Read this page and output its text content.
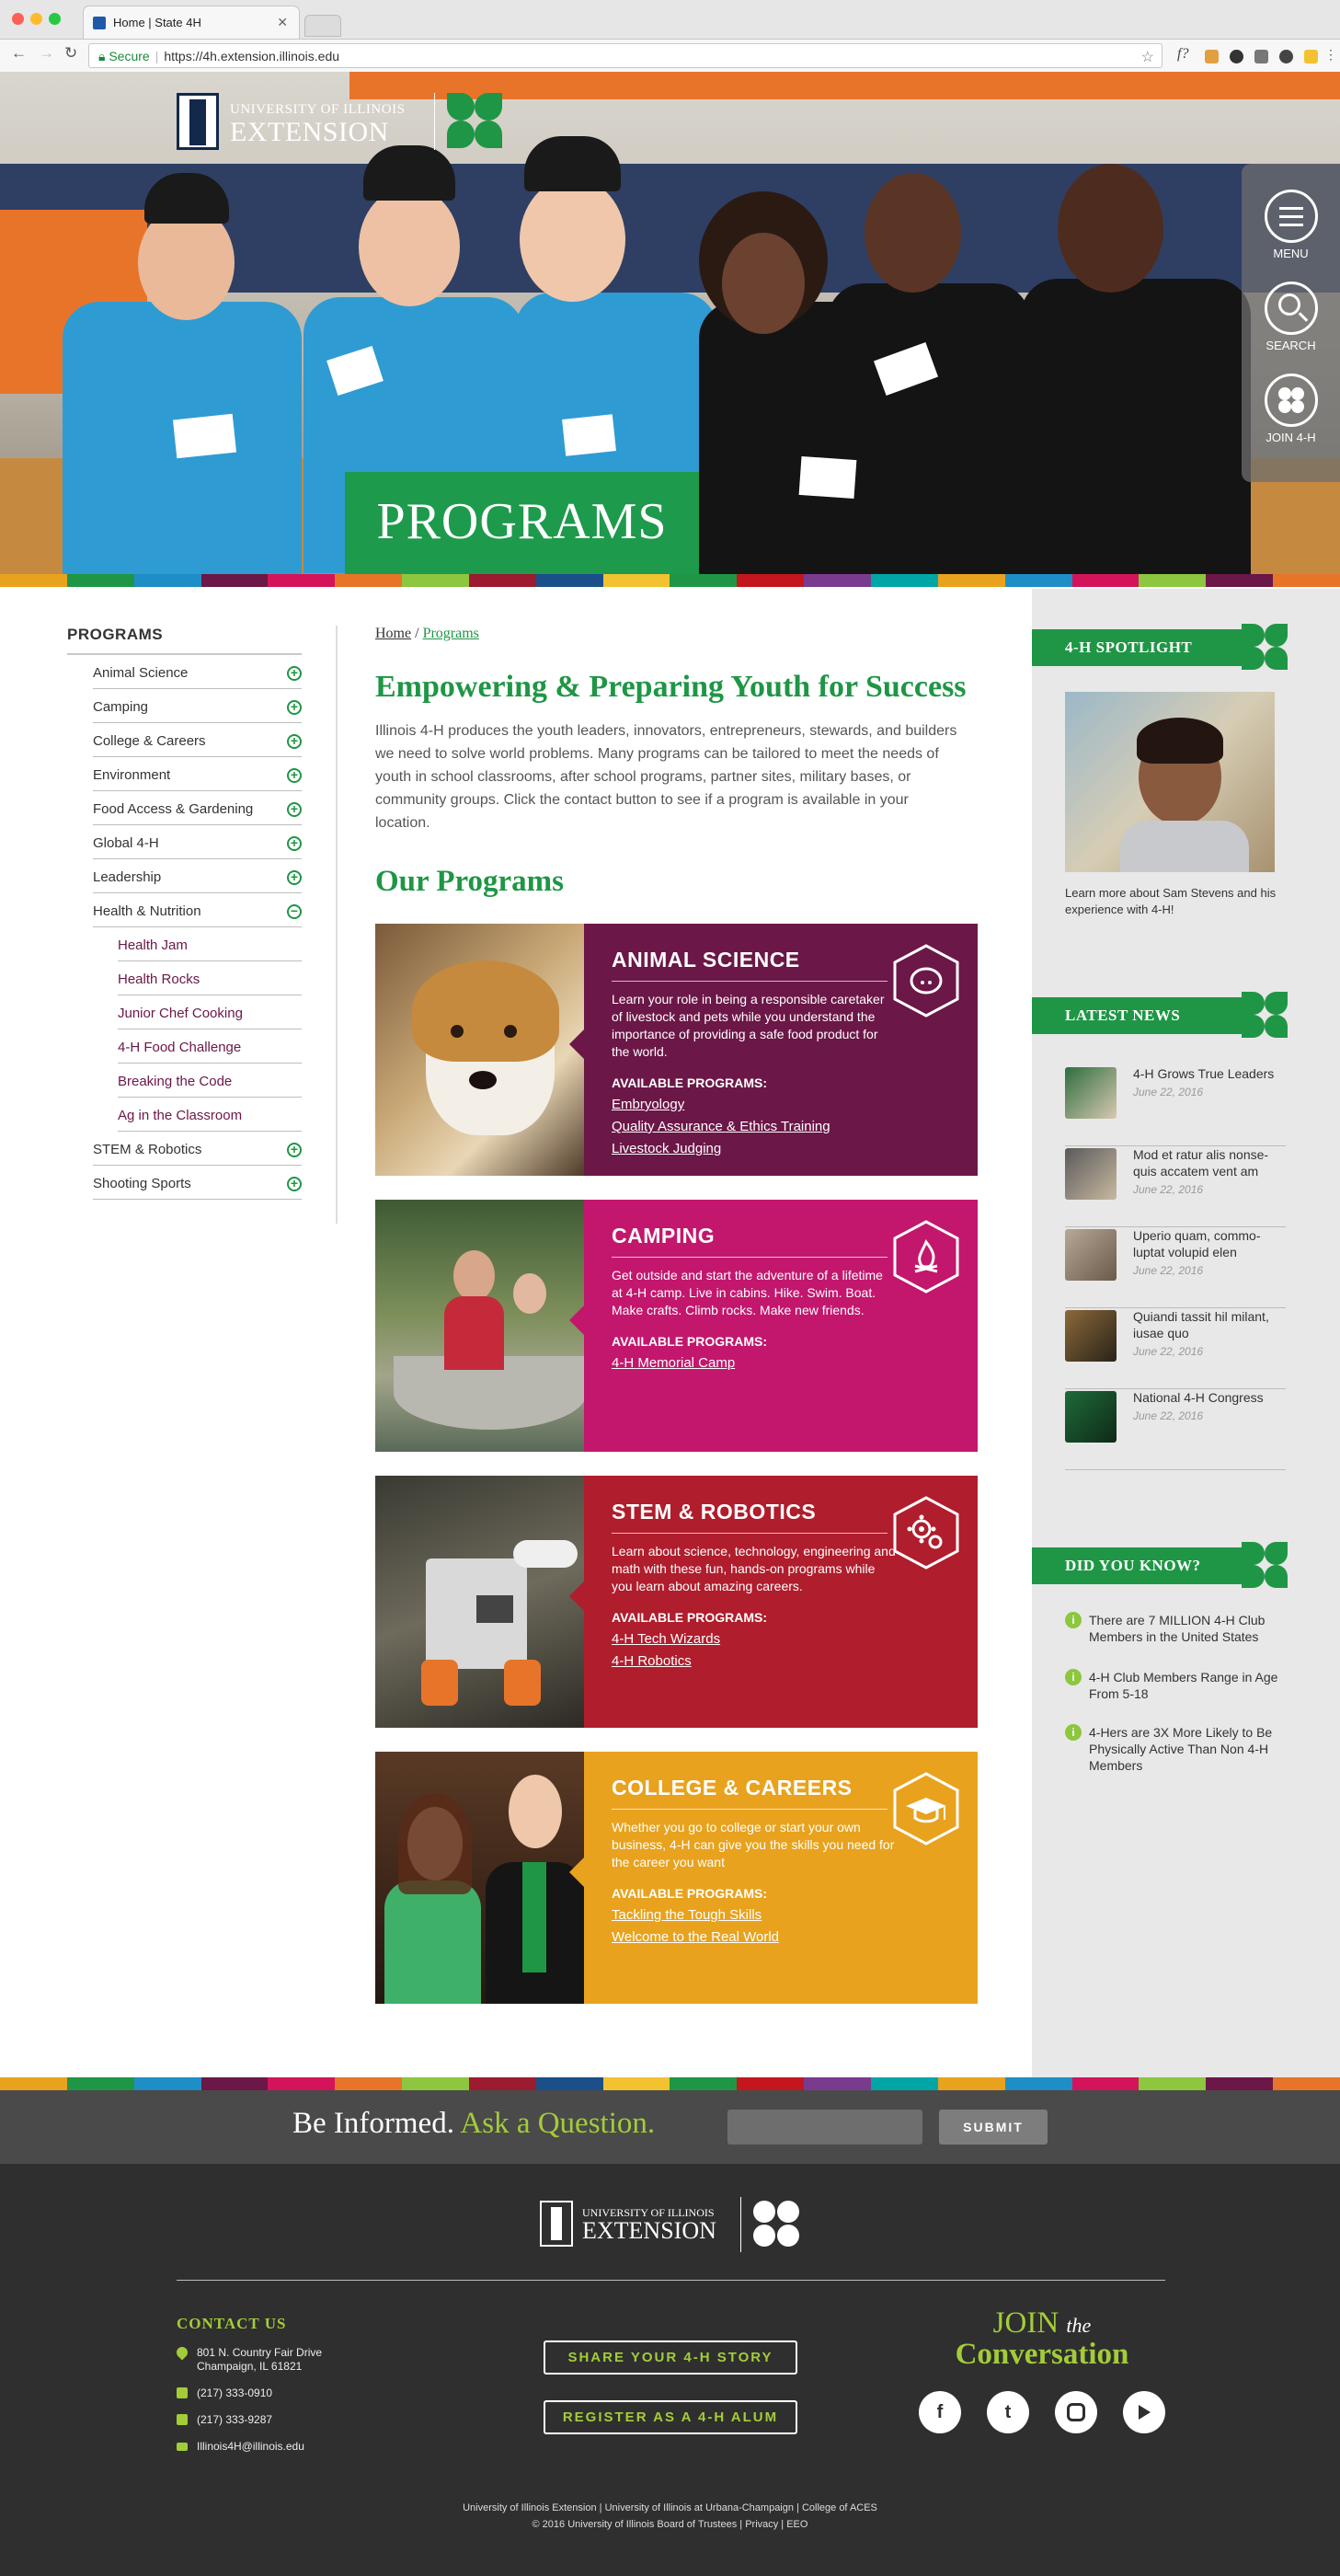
Home | State 4H	✕
← → ↻	🔒︎ Secure | https://4h.extension.illinois.edu	☆ f?	⋮
UNIVERSITY OF ILLINOIS
EXTENSION
MENU
SEARCH
JOIN 4-H
PROGRAMS
PROGRAMS
Animal Science	+
Camping	+
College & Careers	+
Environment	+
Food Access & Gardening	+
Global 4-H	+
Leadership	+
Health & Nutrition	−
Health Jam
Health Rocks
Junior Chef Cooking
4-H Food Challenge
Breaking the Code
Ag in the Classroom
STEM & Robotics	+
Shooting Sports	+
Home / Programs
Empowering & Preparing Youth for Success
Illinois 4-H produces the youth leaders, innovators, entrepreneurs, stewards, and builders we need to solve world problems. Many programs can be tailored to meet the needs of youth in school classrooms, after school programs, partner sites, military bases, or community groups. Click the contact button to see if a program is available in your location.
Our Programs
ANIMAL SCIENCE
Learn your role in being a responsible caretaker of livestock and pets while you understand the importance of providing a safe food product for the world.
AVAILABLE PROGRAMS:
Embryology
Quality Assurance & Ethics Training
Livestock Judging
CAMPING
Get outside and start the adventure of a lifetime at 4-H camp. Live in cabins. Hike. Swim. Boat. Make crafts. Climb rocks. Make new friends.
AVAILABLE PROGRAMS:
4-H Memorial Camp
STEM & ROBOTICS
Learn about science, technology, engineering and math with these fun, hands-on programs while you learn about amazing careers.
AVAILABLE PROGRAMS:
4-H Tech Wizards
4-H Robotics
COLLEGE & CAREERS
Whether you go to college or start your own business, 4-H can give you the skills you need for the career you want
AVAILABLE PROGRAMS:
Tackling the Tough Skills
Welcome to the Real World
4-H SPOTLIGHT
Learn more about Sam Stevens and his experience with 4-H!
LATEST NEWS
4-H Grows True Leaders
June 22, 2016
Mod et ratur alis nonse-quis accatem vent am
June 22, 2016
Uperio quam, commo-luptat volupid elen
June 22, 2016
Quiandi tassit hil milant, iusae quo
June 22, 2016
National 4-H Congress
June 22, 2016
DID YOU KNOW?
i	There are 7 MILLION 4-H Club Members in the United States
i	4-H Club Members Range in Age From 5-18
i	4-Hers are 3X More Likely to Be Physically Active Than Non 4-H Members
Be Informed. Ask a Question.	SUBMIT
UNIVERSITY OF ILLINOIS
EXTENSION
CONTACT US
801 N. Country Fair Drive
Champaign, IL 61821
(217) 333-0910
(217) 333-9287
Illinois4H@illinois.edu
SHARE YOUR 4-H STORY
REGISTER AS A 4-H ALUM
JOIN the
Conversation
f	t
University of Illinois Extension | University of Illinois at Urbana-Champaign | College of ACES
© 2016 University of Illinois Board of Trustees | Privacy | EEO
